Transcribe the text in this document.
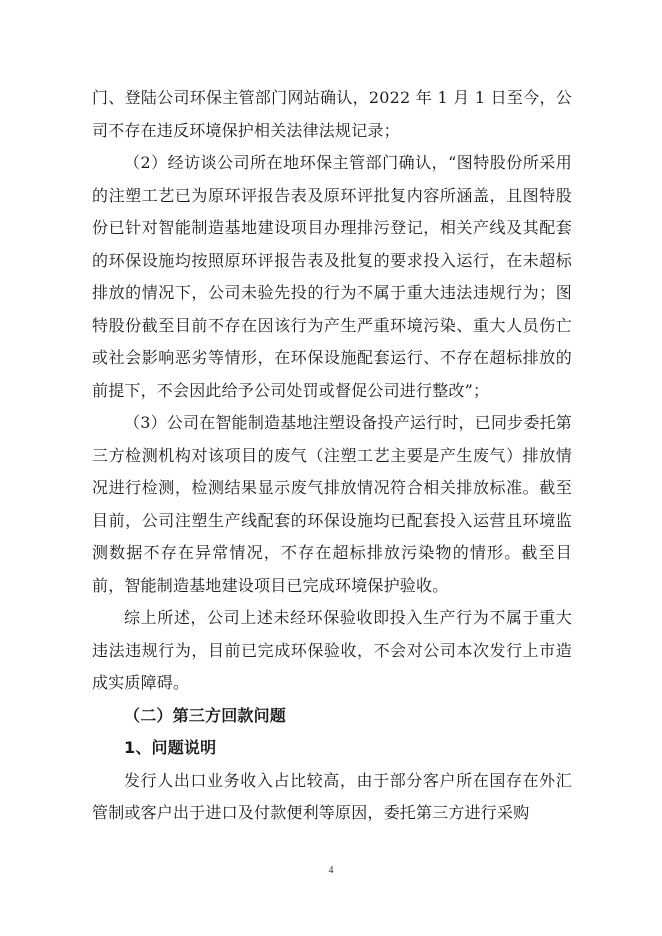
门、登陆公司环保主管部门网站确认，2022 年 1 月 1 日至今，公司不存在违反环境保护相关法律法规记录；

（2）经访谈公司所在地环保主管部门确认，“图特股份所采用的注塑工艺已为原环评报告表及原环评批复内容所涵盖，且图特股份已针对智能制造基地建设项目办理排污登记，相关产线及其配套的环保设施均按照原环评报告表及批复的要求投入运行，在未超标排放的情况下，公司未验先投的行为不属于重大违法违规行为；图特股份截至目前不存在因该行为产生严重环境污染、重大人员伤亡或社会影响恶劣等情形，在环保设施配套运行、不存在超标排放的前提下，不会因此给予公司处罚或督促公司进行整改”；

（3）公司在智能制造基地注塑设备投产运行时，已同步委托第三方检测机构对该项目的废气（注塑工艺主要是产生废气）排放情况进行检测，检测结果显示废气排放情况符合相关排放标准。截至目前，公司注塑生产线配套的环保设施均已配套投入运营且环境监测数据不存在异常情况，不存在超标排放污染物的情形。截至目前，智能制造基地建设项目已完成环境保护验收。

综上所述，公司上述未经环保验收即投入生产行为不属于重大违法违规行为，目前已完成环保验收，不会对公司本次发行上市造成实质障碍。

（二）第三方回款问题

1、问题说明

发行人出口业务收入占比较高，由于部分客户所在国存在外汇管制或客户出于进口及付款便利等原因，委托第三方进行采购

4
